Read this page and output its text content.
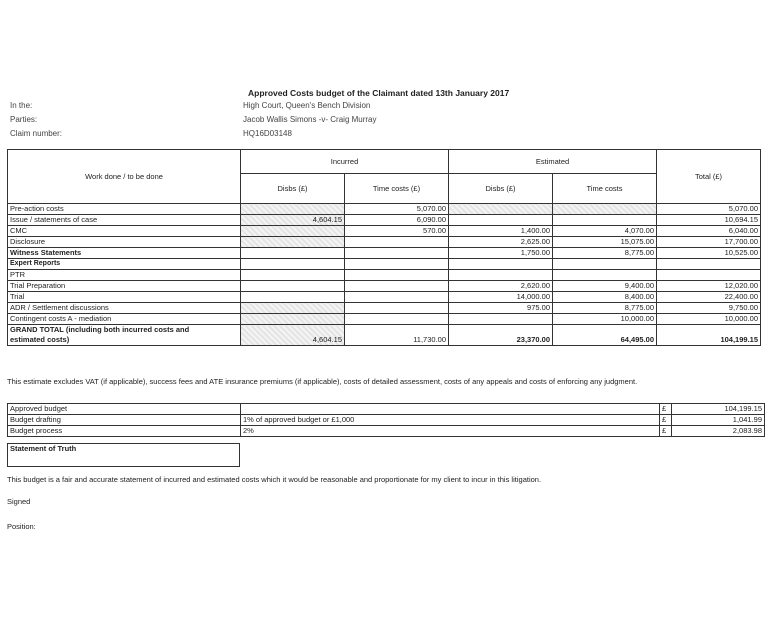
Approved Costs budget of the Claimant dated 13th January 2017
In the:	High Court, Queen's Bench Division
Parties:	Jacob Wallis Simons -v- Craig Murray
Claim number:	HQ16D03148
Work done / to be done	Incurred		Estimated		Total (£)
	Disbs (£)	Time costs (£)	Disbs (£)	Time costs	
Pre-action costs		5,070.00			5,070.00
Issue / statements of case	4,604.15	6,090.00			10,694.15
CMC		570.00	1,400.00	4,070.00	6,040.00
Disclosure			2,625.00	15,075.00	17,700.00
Witness Statements			1,750.00	8,775.00	10,525.00
Expert Reports					
PTR					
Trial Preparation			2,620.00	9,400.00	12,020.00
Trial			14,000.00	8,400.00	22,400.00
ADR / Settlement discussions			975.00	8,775.00	9,750.00
Contingent costs A - mediation				10,000.00	10,000.00

GRAND TOTAL (including both incurred costs and
estimated costs)	4,604.15	11,730.00	23,370.00	64,495.00	104,199.15
This estimate excludes VAT (if applicable), success fees and ATE insurance premiums (if applicable), costs of detailed assessment, costs of any appeals and costs of enforcing any judgment.
Approved budget		£	104,199.15
Budget drafting	1% of approved budget or £1,000	£	1,041.99
Budget process	2%	£	2,083.98
Statement of Truth
This budget is a fair and accurate statement of incurred and estimated costs which it would be reasonable and proportionate for my client to incur in this litigation.
Signed
Position:
